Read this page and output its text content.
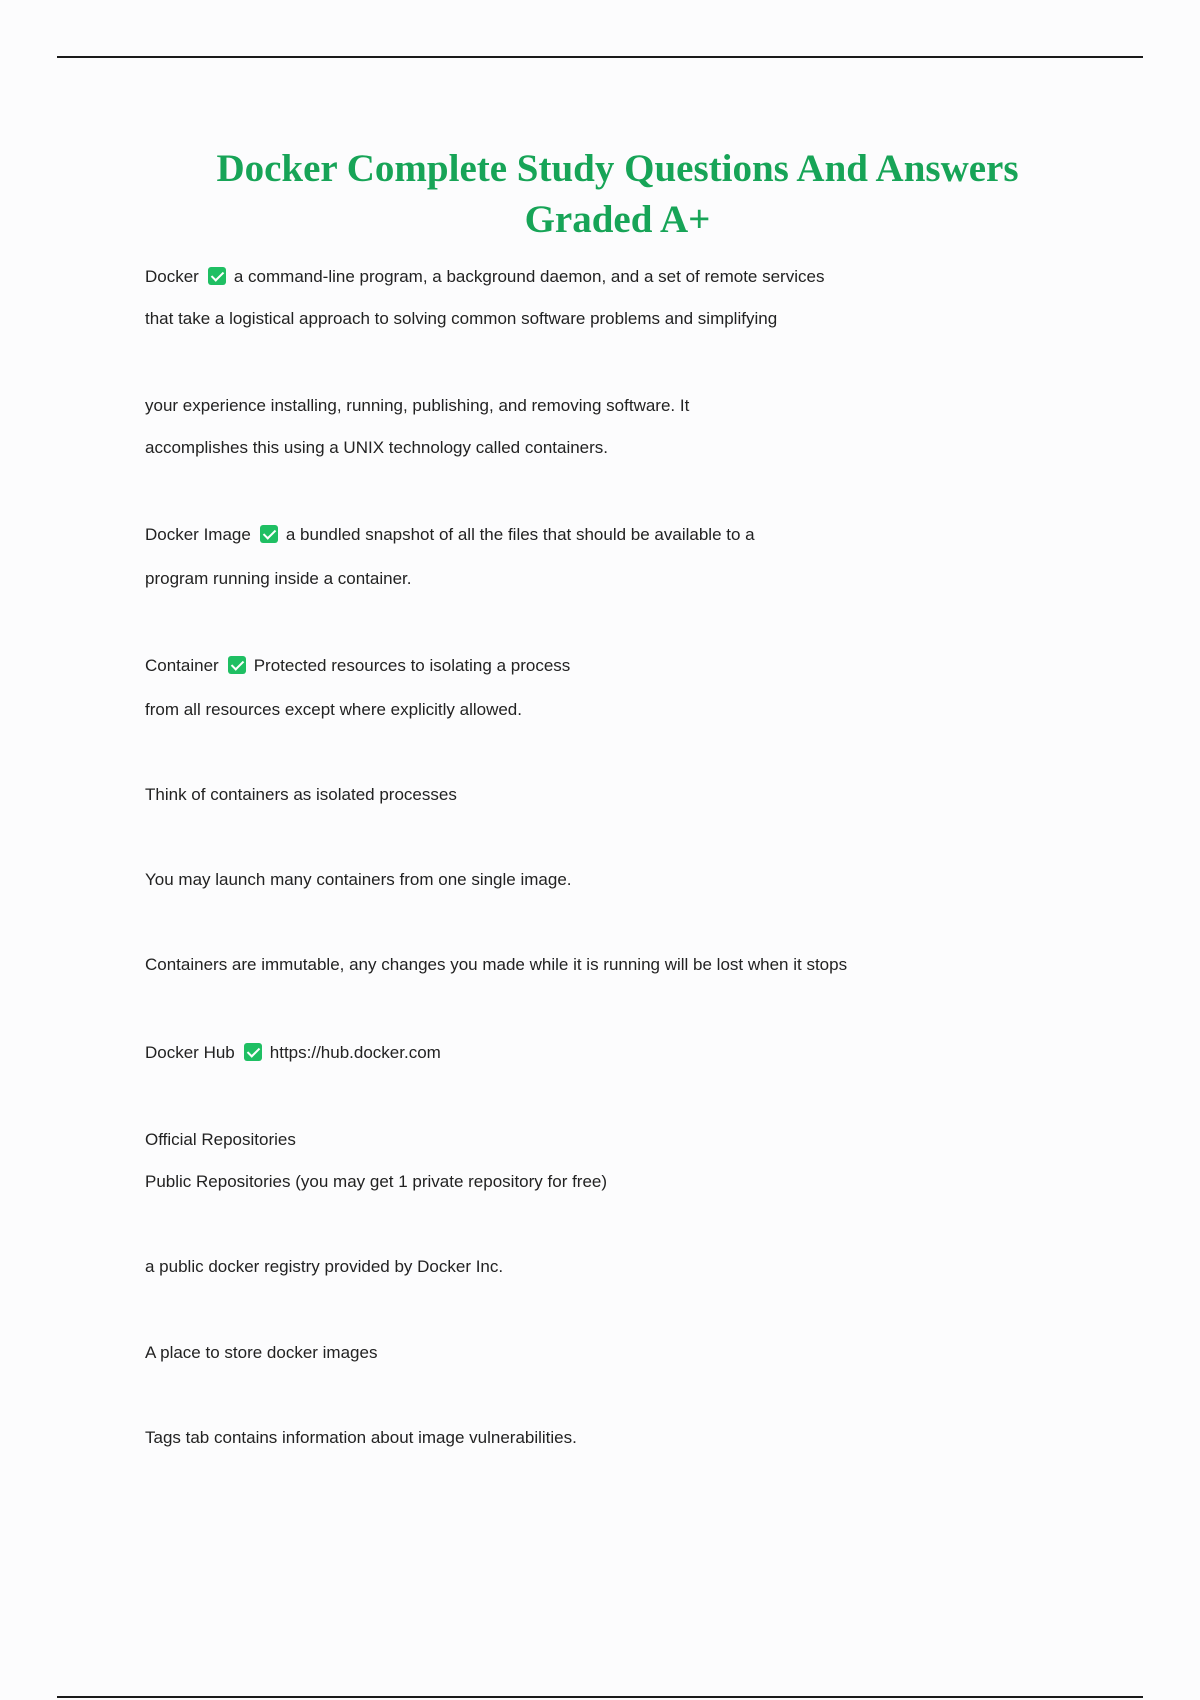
Docker Complete Study Questions And Answers
Graded A+
Docker a command-line program, a background daemon, and a set of remote services
that take a logistical approach to solving common software problems and simplifying
your experience installing, running, publishing, and removing software. It
accomplishes this using a UNIX technology called containers.
Docker Image a bundled snapshot of all the files that should be available to a
program running inside a container.
Container Protected resources to isolating a process
from all resources except where explicitly allowed.
Think of containers as isolated processes
You may launch many containers from one single image.
Containers are immutable, any changes you made while it is running will be lost when it stops
Docker Hub https://hub.docker.com
Official Repositories
Public Repositories (you may get 1 private repository for free)
a public docker registry provided by Docker Inc.
A place to store docker images
Tags tab contains information about image vulnerabilities.
